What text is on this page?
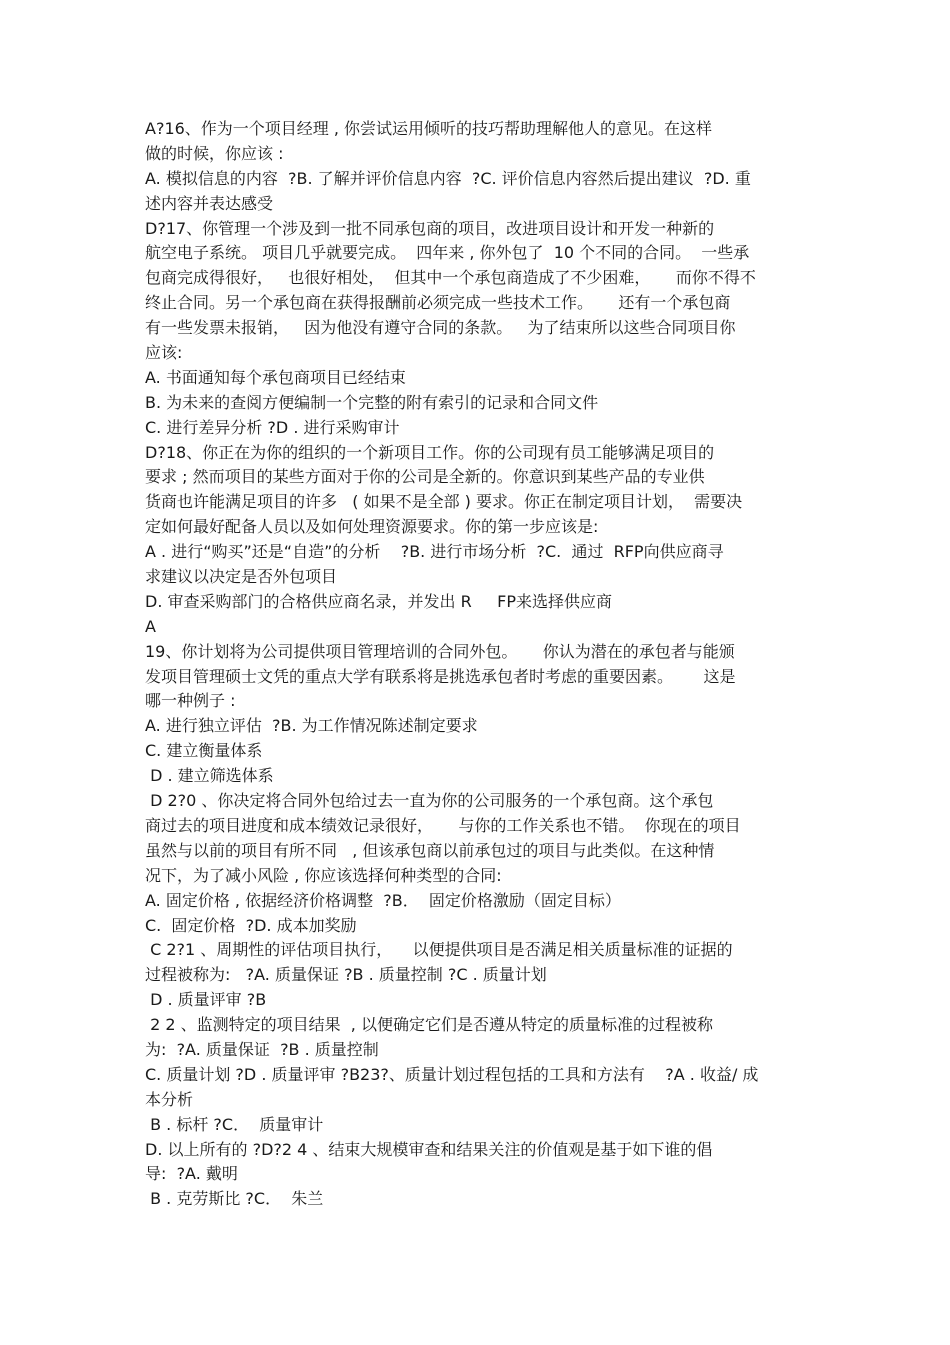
A?16、作为一个项目经理 , 你尝试运用倾听的技巧帮助理解他人的意见。在这样
做的时候，你应该 :
A. 模拟信息的内容  ?B. 了解并评价信息内容  ?C. 评价信息内容然后提出建议  ?D. 重
述内容并表达感受
D?17、你管理一个涉及到一批不同承包商的项目，改进项目设计和开发一种新的
航空电子系统。 项目几乎就要完成。  四年来 , 你外包了  10 个不同的合同。  一些承
包商完成得很好，   也很好相处，  但其中一个承包商造成了不少困难，     而你不得不
终止合同。另一个承包商在获得报酬前必须完成一些技术工作。     还有一个承包商
有一些发票未报销，   因为他没有遵守合同的条款。   为了结束所以这些合同项目你
应该:
A. 书面通知每个承包商项目已经结束
B. 为未来的查阅方便编制一个完整的附有索引的记录和合同文件
C. 进行差异分析 ?D . 进行采购审计
D?18、你正在为你的组织的一个新项目工作。你的公司现有员工能够满足项目的
要求 ; 然而项目的某些方面对于你的公司是全新的。你意识到某些产品的专业供
货商也许能满足项目的许多   ( 如果不是全部 ) 要求。你正在制定项目计划，  需要决
定如何最好配备人员以及如何处理资源要求。你的第一步应该是:
A . 进行“购买”还是“自造”的分析    ?B. 进行市场分析  ?C.  通过  RFP向供应商寻
求建议以决定是否外包项目
D. 审查采购部门的合格供应商名录，并发出 R     FP来选择供应商
A
19、你计划将为公司提供项目管理培训的合同外包。     你认为潜在的承包者与能颁
发项目管理硕士文凭的重点大学有联系将是挑选承包者时考虑的重要因素。      这是
哪一种例子 :
A. 进行独立评估  ?B. 为工作情况陈述制定要求
C. 建立衡量体系
D . 建立筛选体系
D 2?0 、你决定将合同外包给过去一直为你的公司服务的一个承包商。这个承包
商过去的项目进度和成本绩效记录很好，     与你的工作关系也不错。  你现在的项目
虽然与以前的项目有所不同   , 但该承包商以前承包过的项目与此类似。在这种情
况下，为了减小风险 , 你应该选择何种类型的合同:
A. 固定价格 , 依据经济价格调整  ?B．  固定价格激励（固定目标）
C.  固定价格  ?D. 成本加奖励
C 2?1 、周期性的评估项目执行，    以便提供项目是否满足相关质量标准的证据的
过程被称为:   ?A. 质量保证 ?B . 质量控制 ?C . 质量计划
D . 质量评审 ?B
2 2 、监测特定的项目结果  , 以便确定它们是否遵从特定的质量标准的过程被称
为:  ?A. 质量保证  ?B . 质量控制
C. 质量计划 ?D . 质量评审 ?B23?、质量计划过程包括的工具和方法有    ?A . 收益/ 成
本分析
B . 标杆 ?C．  质量审计
D. 以上所有的 ?D?2 4 、结束大规模审查和结果关注的价值观是基于如下谁的倡
导:  ?A. 戴明
B . 克劳斯比 ?C．  朱兰
